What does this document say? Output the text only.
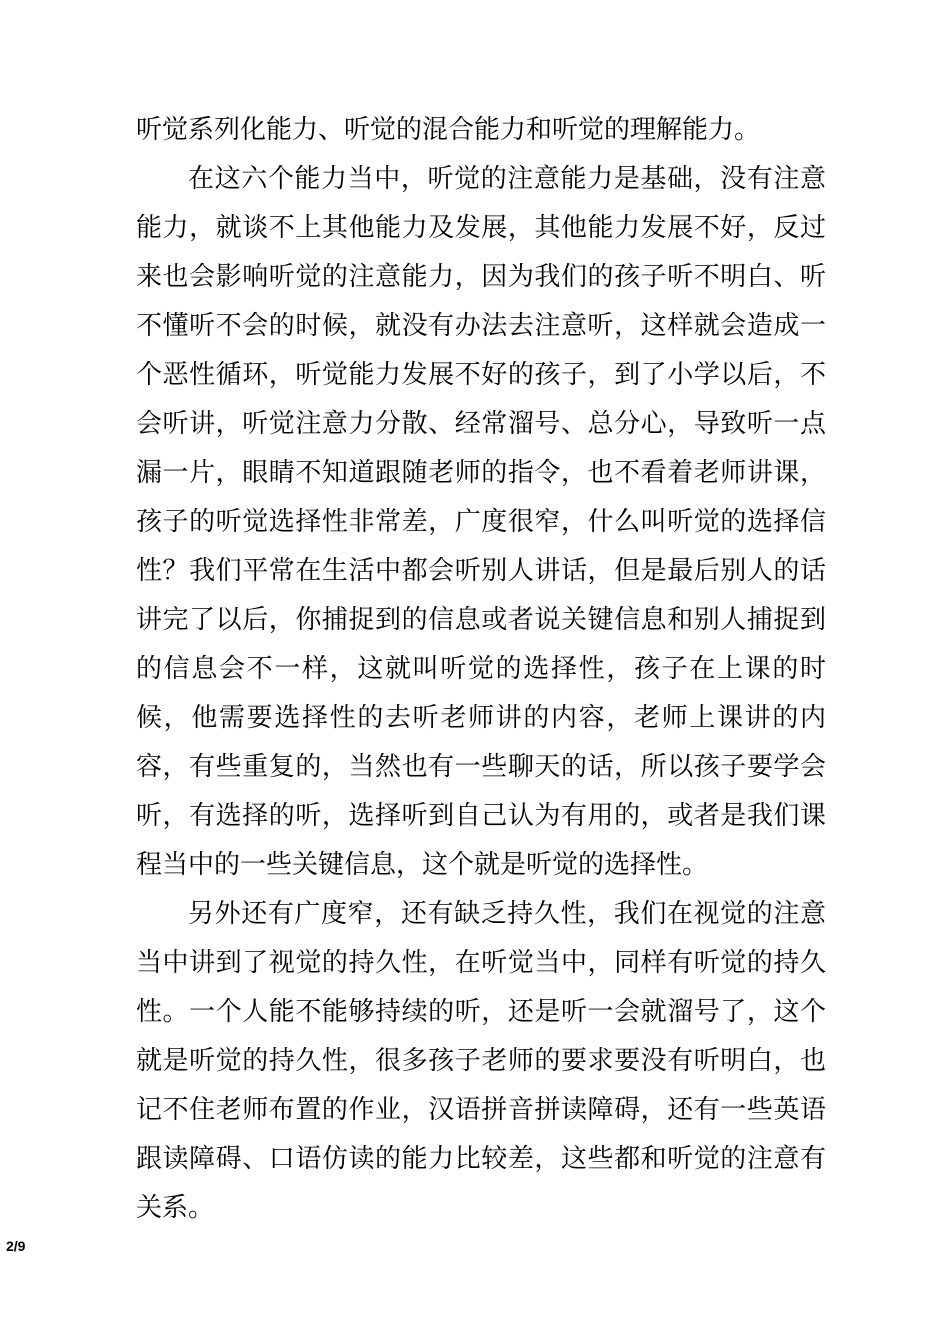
听觉系列化能力、听觉的混合能力和听觉的理解能力。

在这六个能力当中，听觉的注意能力是基础，没有注意能力，就谈不上其他能力及发展，其他能力发展不好，反过来也会影响听觉的注意能力，因为我们的孩子听不明白、听不懂听不会的时候，就没有办法去注意听，这样就会造成一个恶性循环，听觉能力发展不好的孩子，到了小学以后，不会听讲，听觉注意力分散、经常溜号、总分心，导致听一点漏一片，眼睛不知道跟随老师的指令，也不看着老师讲课，孩子的听觉选择性非常差，广度很窄，什么叫听觉的选择信性？我们平常在生活中都会听别人讲话，但是最后别人的话讲完了以后，你捕捉到的信息或者说关键信息和别人捕捉到的信息会不一样，这就叫听觉的选择性，孩子在上课的时候，他需要选择性的去听老师讲的内容，老师上课讲的内容，有些重复的，当然也有一些聊天的话，所以孩子要学会听，有选择的听，选择听到自己认为有用的，或者是我们课程当中的一些关键信息，这个就是听觉的选择性。

另外还有广度窄，还有缺乏持久性，我们在视觉的注意当中讲到了视觉的持久性，在听觉当中，同样有听觉的持久性。一个人能不能够持续的听，还是听一会就溜号了，这个就是听觉的持久性，很多孩子老师的要求要没有听明白，也记不住老师布置的作业，汉语拼音拼读障碍，还有一些英语跟读障碍、口语仿读的能力比较差，这些都和听觉的注意有关系。

2/9
